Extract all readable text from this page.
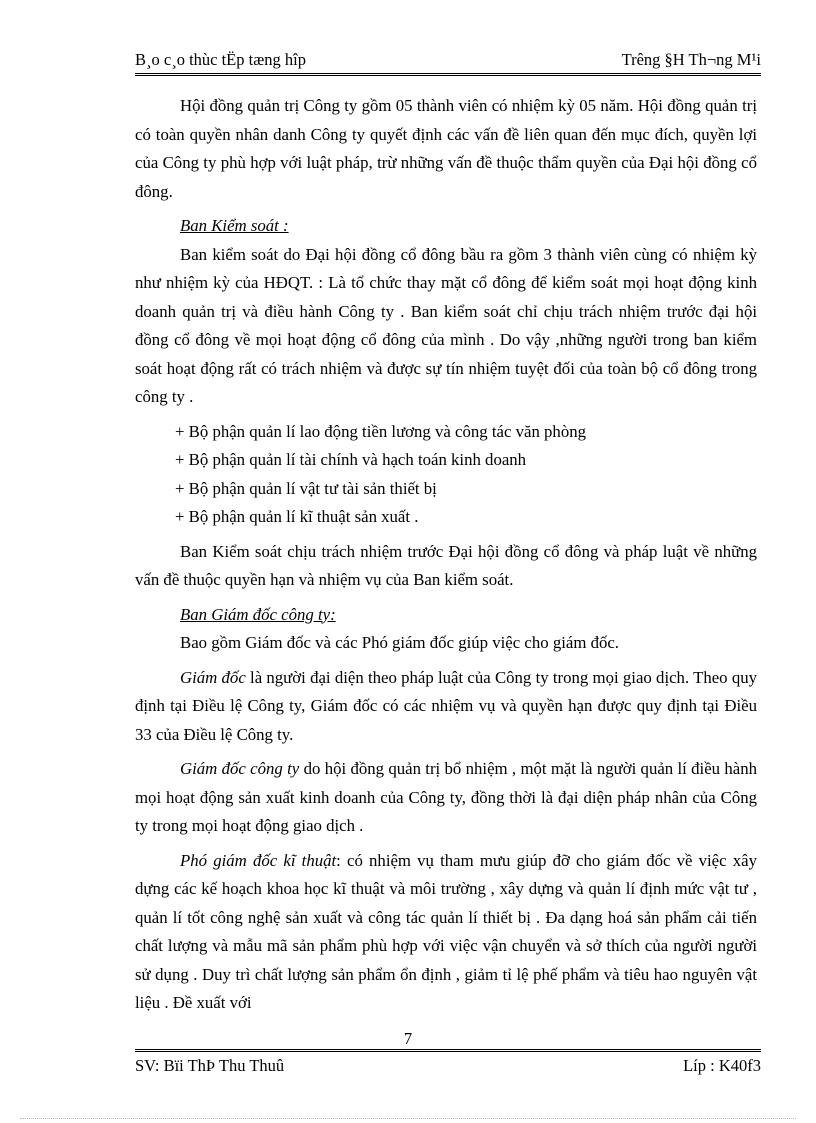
B¸o c¸o thùc tËp tæng hîp	Trêng §H Th¬ng M¹i

Hội đồng quản trị Công ty gồm 05 thành viên có nhiệm kỳ 05 năm. Hội đồng quản trị có toàn quyền nhân danh Công ty quyết định các vấn đề liên quan đến mục đích, quyền lợi của Công ty phù hợp với luật pháp, trừ những vấn đề thuộc thẩm quyền của Đại hội đồng cổ đông.

Ban Kiểm soát :

Ban kiểm soát do Đại hội đồng cổ đông bầu ra gồm 3 thành viên cùng có nhiệm kỳ như nhiệm kỳ của HĐQT. : Là tổ chức thay mặt cổ đông để kiểm soát mọi hoạt động kinh doanh quản trị và điều hành Công ty . Ban kiểm soát chỉ chịu trách nhiệm trước đại hội đồng cổ đông về mọi hoạt động cổ đông của mình . Do vậy ,những người trong ban kiểm soát hoạt động rất có trách nhiệm và được sự tín nhiệm tuyệt đối của toàn bộ cổ đông trong công ty .

+ Bộ phận quản lí lao động tiền lương và công tác văn phòng
+ Bộ phận quản lí tài chính và hạch toán kinh doanh
+ Bộ phận quản lí vật tư tài sản thiết bị
+ Bộ phận quản lí kĩ thuật sản xuất .

Ban Kiểm soát chịu trách nhiệm trước Đại hội đồng cổ đông và pháp luật về những vấn đề thuộc quyền hạn và nhiệm vụ của Ban kiểm soát.

Ban Giám đốc công ty:

Bao gồm Giám đốc và các Phó giám đốc giúp việc cho giám đốc.

Giám đốc là người đại diện theo pháp luật của Công ty trong mọi giao dịch. Theo quy định tại Điều lệ Công ty, Giám đốc có các nhiệm vụ và quyền hạn được quy định tại Điều 33 của Điều lệ Công ty.

Giám đốc công ty do hội đồng quản trị bổ nhiệm , một mặt là người quản lí điều hành mọi hoạt động sản xuất kinh doanh của Công ty, đồng thời là đại diện pháp nhân của Công ty trong mọi hoạt động giao dịch .

Phó giám đốc kĩ thuật: có nhiệm vụ tham mưu giúp đỡ cho giám đốc về việc xây dựng các kế hoạch khoa học kĩ thuật và môi trường , xây dựng và quản lí định mức vật tư , quản lí tốt công nghệ sản xuất và công tác quản lí thiết bị . Đa dạng hoá sản phẩm cải tiến chất lượng và mẫu mã sản phẩm phù hợp với việc vận chuyển và sở thích của người người sử dụng . Duy trì chất lượng sản phẩm ổn định , giảm tỉ lệ phế phẩm và tiêu hao nguyên vật liệu . Đề xuất với

7
SV: Bïi ThÞ Thu Thuû	Líp : K40f3
